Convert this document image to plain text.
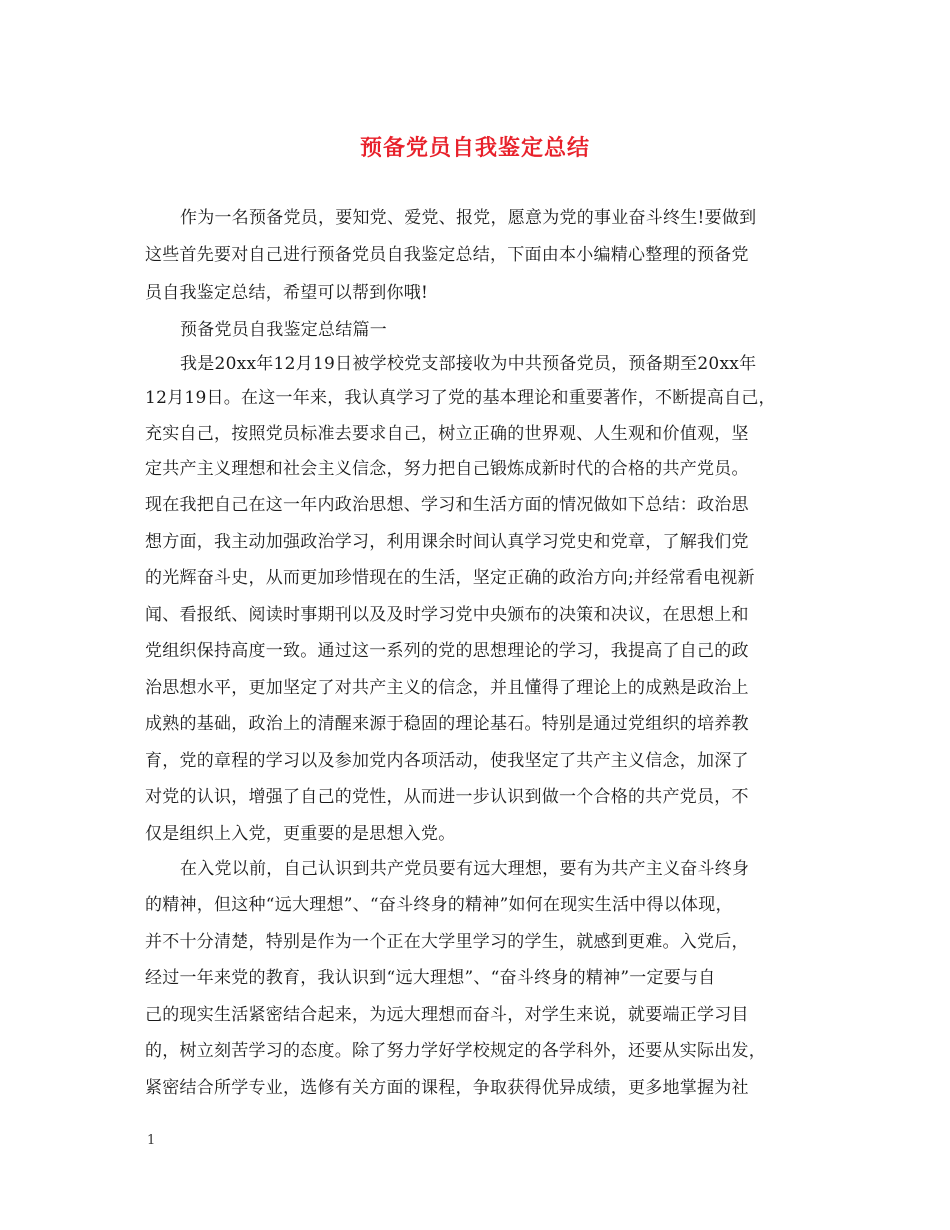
预备党员自我鉴定总结
作为一名预备党员，要知党、爱党、报党，愿意为党的事业奋斗终生!要做到
这些首先要对自己进行预备党员自我鉴定总结，下面由本小编精心整理的预备党
员自我鉴定总结，希望可以帮到你哦!
预备党员自我鉴定总结篇一
我是20xx年12月19日被学校党支部接收为中共预备党员，预备期至20xx年
12月19日。在这一年来，我认真学习了党的基本理论和重要著作，不断提高自己，
充实自己，按照党员标准去要求自己，树立正确的世界观、人生观和价值观，坚
定共产主义理想和社会主义信念，努力把自己锻炼成新时代的合格的共产党员。
现在我把自己在这一年内政治思想、学习和生活方面的情况做如下总结：政治思
想方面，我主动加强政治学习，利用课余时间认真学习党史和党章，了解我们党
的光辉奋斗史，从而更加珍惜现在的生活，坚定正确的政治方向;并经常看电视新
闻、看报纸、阅读时事期刊以及及时学习党中央颁布的决策和决议，在思想上和
党组织保持高度一致。通过这一系列的党的思想理论的学习，我提高了自己的政
治思想水平，更加坚定了对共产主义的信念，并且懂得了理论上的成熟是政治上
成熟的基础，政治上的清醒来源于稳固的理论基石。特别是通过党组织的培养教
育，党的章程的学习以及参加党内各项活动，使我坚定了共产主义信念，加深了
对党的认识，增强了自己的党性，从而进一步认识到做一个合格的共产党员，不
仅是组织上入党，更重要的是思想入党。
在入党以前，自己认识到共产党员要有远大理想，要有为共产主义奋斗终身
的精神，但这种“远大理想”、“奋斗终身的精神”如何在现实生活中得以体现，
并不十分清楚，特别是作为一个正在大学里学习的学生，就感到更难。入党后，
经过一年来党的教育，我认识到“远大理想”、“奋斗终身的精神”一定要与自
己的现实生活紧密结合起来，为远大理想而奋斗，对学生来说，就要端正学习目
的，树立刻苦学习的态度。除了努力学好学校规定的各学科外，还要从实际出发，
紧密结合所学专业，选修有关方面的课程，争取获得优异成绩，更多地掌握为社
1
